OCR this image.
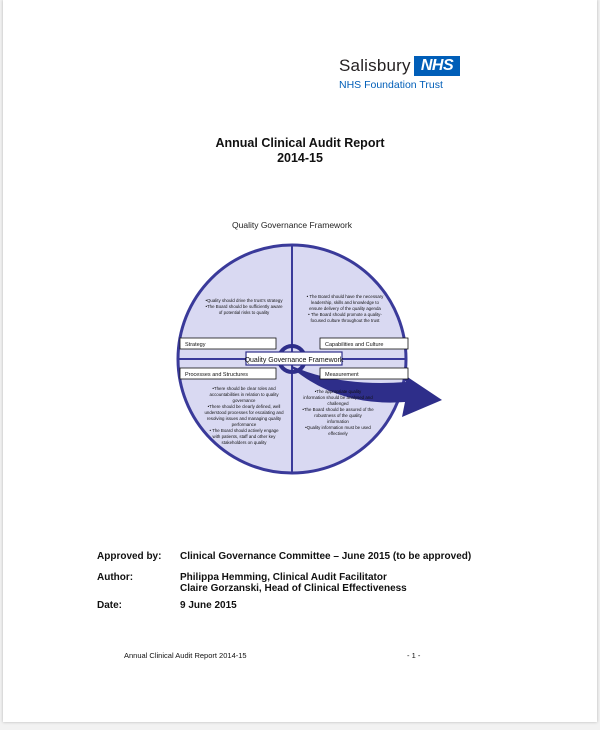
Salisbury NHS
NHS Foundation Trust
Annual Clinical Audit Report
2014-15
Quality Governance Framework
Quality Governance Framework
Strategy	Capabilities and Culture
Processes and Structures	Measurement
•Quality should drive the trust's strategy
•The Board should be sufficiently aware
of potential risks to quality
• The Board should have the necessary
leadership, skills and knowledge to
ensure delivery of the quality agenda
• The Board should promote a quality-
focused culture throughout the trust
•There should be clear roles and
accountabilities in relation to quality
governance
•There should be clearly defined, well
understood processes for escalating and
resolving issues and managing quality
performance
• The Board should actively engage
with patients, staff and other key
stakeholders on quality
•The appropriate quality
information should be analysed and
challenged
•The Board should be assured of the
robustness of the quality
information
•Quality information must be used
effectively
Approved by: Clinical Governance Committee – June 2015 (to be approved)
Author:	Philippa Hemming, Clinical Audit Facilitator
Claire Gorzanski, Head of Clinical Effectiveness
Date:	9 June 2015
Annual Clinical Audit Report 2014-15	- 1 -
